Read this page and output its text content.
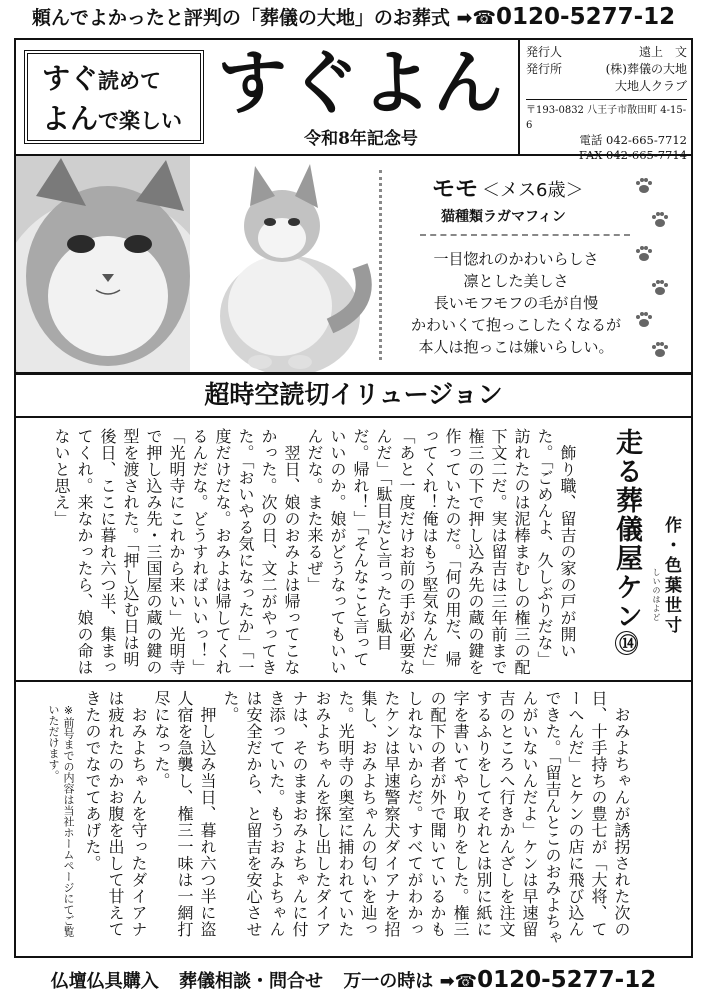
頼んでよかったと評判の「葬儀の大地」のお葬式 ➡☎0120-5277-12
すぐ読めて
よんで楽しい すぐよん
令和8年記念号
発行人	遠上　文
発行所	(株)葬儀の大地
大地人クラブ
〒193-0832 八王子市散田町 4-15-6
電話 042-665-7712
FAX 042-665-7714
モモ ＜メス6歳＞
猫種類ラガマフィン
一目惚れのかわいらしさ
凛とした美しさ
長いモフモフの毛が自慢
かわいくて抱っこしたくなるが
本人は抱っこは嫌いらしい。
超時空読切イリュージョン
走る葬儀屋ケン⑭
しいのはよど 作・色葉世寸
　飾り職、留吉の家の戸が開いた。「ごめんよ、久しぶりだな」訪れたのは泥棒まむしの権三の配下文二だ。実は留吉は三年前まで権三の下で押し込み先の蔵の鍵を作っていたのだ。「何の用だ、帰ってくれ！俺はもう堅気なんだ」「あと一度だけお前の手が必要なんだ」「駄目だと言ったら駄目だ。帰れ！」「そんなこと言っていいのか。娘がどうなってもいいんだな。また来るぜ」
　翌日、娘のおみよは帰ってこなかった。次の日、文二がやってきた。「おいやる気になったか」「一度だけだな。おみよは帰してくれるんだな。どうすればいいっ！」「光明寺にこれから来い」光明寺で押し込み先・三国屋の蔵の鍵の型を渡された。「押し込む日は明後日、ここに暮れ六つ半、集まってくれ。来なかったら、娘の命はないと思え」
　おみよちゃんが誘拐された次の日、十手持ちの豊七が「大将、てーへんだ」とケンの店に飛び込んできた。「留吉んとこのおみよちゃんがいないんだよ」ケンは早速留吉のところへ行きかんざしを注文するふりをしてそれとは別に紙に字を書いてやり取りをした。権三の配下の者が外で聞いているかもしれないからだ。すべてがわかったケンは早速警察犬ダイアナを招集し、おみよちゃんの匂いを辿った。光明寺の奥室に捕われていたおみよちゃんを探し出したダイアナは、そのままおみよちゃんに付き添っていた。もうおみよちゃんは安全だから、と留吉を安心させた。
　押し込み当日、暮れ六つ半に盗人宿を急襲し、権三一味は一網打尽になった。
　おみよちゃんを守ったダイアナは疲れたのかお腹を出して甘えてきたのでなでてあげた。
※前号までの内容は当社ホームページにてご覧いただけます。
仏壇仏具購入 葬儀相談・問合せ 万一の時は ➡☎0120-5277-12
